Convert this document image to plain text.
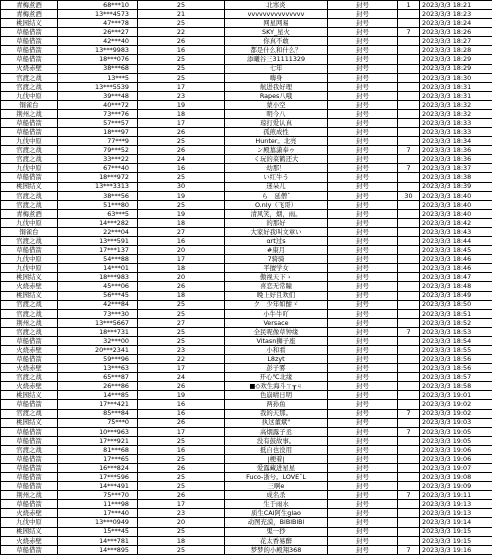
青梅煮酒	68***10	25	北寒炎	封号	1	2023/3/3 18:21
青梅煮酒	13***4573	21	vvvvvvvvvvvvvvv	封号		2023/3/3 18:23
桃园结义	47***78	25	网星网易	封号		2023/3/3 18:24
草船借箭	26***27	22	SKY_星火	封号	7	2023/3/3 18:26
草船借箭	42***40	26	你真不敢	封号		2023/3/3 18:27
草船借箭	13***9983	16	都是什么和什么？	封号		2023/3/3 18:28
草船借箭	18***076	25	添曦谷三31111329	封号		2023/3/3 18:29
火烧赤壁	38***68	25	七年	封号		2023/3/3 18:29
官渡之战	13***5	25	嗨身	封号		2023/3/3 18:30
官渡之战	13***5539	17	航进我好理	封号		2023/3/3 18:31
九伐中原	39***48	23	Rapes八哦	封号		2023/3/3 18:31
铜雀台	40***72	19	蒙小空	封号		2023/3/3 18:32
荆州之战	73***76	18	明今八	封号		2023/3/3 18:32
草船借箭	57***57	17	琼打爱认真	封号		2023/3/3 18:33
草船借箭	18***97	26	孤煎成性	封号		2023/3/3 18:33
九伐中原	77***9	25	Hunter。北亮	封号		2023/3/3 18:34
官渡之战	79***52	26	ン殿墓潇奉ゥ	封号	7	2023/3/3 18:36
官渡之战	33***22	24	く玩的菜鹤还大	封号		2023/3/3 18:36
九伐中原	67***40	16	幼那！	封号	7	2023/3/3 18:37
草船借箭	18***972	25	い红牛う	封号		2023/3/3 18:38
桃园结义	13***3313	30	迷朵儿	封号		2023/3/3 18:39
官渡之战	38***56	19	ら　延僧ˇ	封号	30	2023/3/3 18:40
官渡之战	51***80	25	O.nly（飞哥）	封号		2023/3/3 18:40
青梅煮酒	63***5	19	清风笑，烟，雨。	封号		2023/3/3 18:40
九伐中原	14***282	18	的那好	封号		2023/3/3 18:42
铜雀台	22***04	27	大家好我叫文章い	封号		2023/3/3 18:43
官渡之战	13***591	16	αrt过s	封号		2023/3/3 18:44
草船借箭	17***137	20	#康月	封号		2023/3/3 18:45
九伐中原	54***88	17	7骑骑	封号		2023/3/3 18:46
九伐中原	14***01	18	平擅学女	封号		2023/3/3 18:46
桃园结义	18***983	20	傲视天下ゝ	封号		2023/3/3 18:47
火烧赤壁	45***06	26	喜恋无常瞳	封号		2023/3/3 18:48
桃园结义	56***45	18	晚上好且欢们	封号		2023/3/3 18:49
官渡之战	42***84	25	ク　少年如酣ゞ	封号		2023/3/3 18:50
官渡之战	73***30	25	小牛牛吖	封号		2023/3/3 18:51
荆州之战	13***5667	27	Versace	封号		2023/3/3 18:52
官渡之战	18***731	25	全民呢像草钟缘	封号	7	2023/3/3 18:53
草船借箭	32***00	25	Vitasn狮子座	封号		2023/3/3 18:54
火烧赤壁	20***2341	23	小和看	封号		2023/3/3 18:55
草船借箭	59***96	22	L8zyt	封号		2023/3/3 18:56
火烧赤壁	13***63	17	彭子雾	封号		2023/3/3 18:56
官渡之战	65***87	24	开心℃北缘	封号		2023/3/3 18:57
火烧赤壁	26***86	26	■◇欢生海斗ㄒ┰ㄐ	封号		2023/3/3 18:58
桃园结义	14***85	19	色崩晴日明	封号		2023/3/3 19:01
草船借箭	17***421	16	两孙鱼	封号		2023/3/3 19:02
官渡之战	85***84	16	我的天那。	封号	7	2023/3/3 19:02
桃园结义	75***0	26	执这董斌"	封号		2023/3/3 19:03
草船借箭	10***963	17	高烟露子丞	封号	7	2023/3/3 19:05
草船借箭	17***921	25	没有鼓故事。	封号		2023/3/3 19:05
官渡之战	81***68	16	抵自也没用	封号		2023/3/3 19:06
草船借箭	17***65	25	|梗着|	封号		2023/3/3 19:06
草船借箭	16***824	26	爱露藏进星星	封号		2023/3/3 19:07
草船借箭	17***596	25	Fuco-浙兮。LOVEˇL	封号		2023/3/3 19:08
草船借箭	14***491	25	三啊e	封号		2023/3/3 19:09
荆州之战	75***70	26	成名杀	封号	7	2023/3/3 19:11
草船借箭	11***98	17	生于雨水	封号		2023/3/3 19:13
火烧赤壁	17***40	23	质生CAI阿生glao	封号		2023/3/3 19:13
九伐中原	13***0949	20	动图充漠，BlBlBlBl	封号		2023/3/3 19:14
桃园结义	15***45	25	鬼一抄	封号		2023/3/3 19:15
火烧赤壁	14***781	18	花太香易醉	封号		2023/3/3 19:15
草船借箭	14***895	25	梦梦的小殿翔368	封号	7	2023/3/3 19:16
